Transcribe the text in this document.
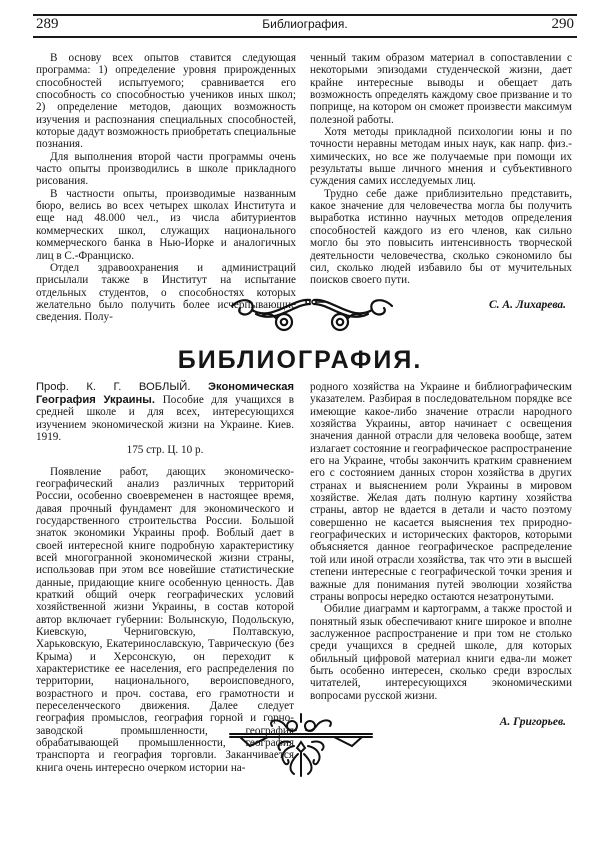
289	Библиография.	290

В основу всех опытов ставится следующая программа: 1) определение уровня прирожденных способностей испытуемого; сравнивается его способность со способностью учеников иных школ; 2) определение методов, дающих возможность изучения и распознания специальных способностей, которые дадут возможность приобретать специальные познания.

Для выполнения второй части программы очень часто опыты производились в школе прикладного рисования.

В частности опыты, производимые названным бюро, велись во всех четырех школах Института и еще над 48.000 чел., из числа абитуриентов коммерческих школ, служащих национального коммерческого банка в Нью-Иорке и аналогичных лиц в С.-Франциско.

Отдел здравоохранения и администраций присылали также в Институт на испытание отдельных студентов, о способностях которых желательно было получить более исчерпывающие сведения. Полу-

ченный таким образом материал в сопоставлении с некоторыми эпизодами студенческой жизни, дает крайне интересные выводы и обещает дать возможность определять каждому свое призвание и то поприще, на котором он сможет произвести максимум полезной работы.

Хотя методы прикладной психологии юны и по точности неравны методам иных наук, как напр. физ.-химических, но все же получаемые при помощи их результаты выше личного мнения и субъективного суждения самих исследуемых лиц.

Трудно себе даже приблизительно представить, какое значение для человечества могла бы получить выработка истинно научных методов определения способностей каждого из его членов, как сильно могло бы это повысить интенсивность творческой деятельности человечества, сколько сэкономило бы сил, сколько людей избавило бы от мучительных поисков своего пути.

С. А. Лихарева.
БИБЛИОГРАФИЯ.
Проф. К. Г. ВОБЛЫЙ. Экономическая География Украины. Пособие для учащихся в средней школе и для всех, интересующихся изучением экономической жизни на Украине. Киев. 1919.
175 стр. Ц. 10 р.

Появление работ, дающих экономическо-географический анализ различных территорий России, особенно своевременен в настоящее время, давая прочный фундамент для экономического и государственного строительства России. Большой знаток экономики Украины проф. Воблый дает в своей интересной книге подробную характеристику всей многогранной экономической жизни страны, использовав при этом все новейшие статистические данные, придающие книге особенную ценность. Дав краткий общий очерк географических условий хозяйственной жизни Украины, в состав которой автор включает губернии: Волынскую, Подольскую, Киевскую, Черниговскую, Полтавскую, Харьковскую, Екатеринославскую, Таврическую (без Крыма) и Херсонскую, он переходит к характеристике ее населения, его распределения по территории, национального, вероисповедного, возрастного и проч. состава, его грамотности и переселенческого движения. Далее следует география промыслов, география горной и горно-заводской промышленности, география обрабатывающей промышленности, география транспорта и география торговли. Заканчивается книга очень интересно очерком истории на-

родного хозяйства на Украине и библиографическим указателем. Разбирая в последовательном порядке все имеющие какое-либо значение отрасли народного хозяйства Украины, автор начинает с освещения значения данной отрасли для человека вообще, затем излагает состояние и географическое распространение его на Украине, чтобы закончить кратким сравнением его с состоянием данных сторон хозяйства в других странах и выяснением роли Украины в мировом хозяйстве. Желая дать полную картину хозяйства страны, автор не вдается в детали и часто поэтому совершенно не касается выяснения тех природно-географических и исторических факторов, которыми объясняется данное географическое распределение той или иной отрасли хозяйства, так что эти в высшей степени интересные с географической точки зрения и важные для понимания путей эволюции хозяйства страны вопросы нередко остаются незатронутыми.

Обилие диаграмм и картограмм, а также простой и понятный язык обеспечивают книге широкое и вполне заслуженное распространение и при том не столько среди учащихся в средней школе, для которых обильный цифровой материал книги едва-ли может быть особенно интересен, сколько среди взрослых читателей, интересующихся экономическими вопросами русской жизни.

А. Григорьев.
